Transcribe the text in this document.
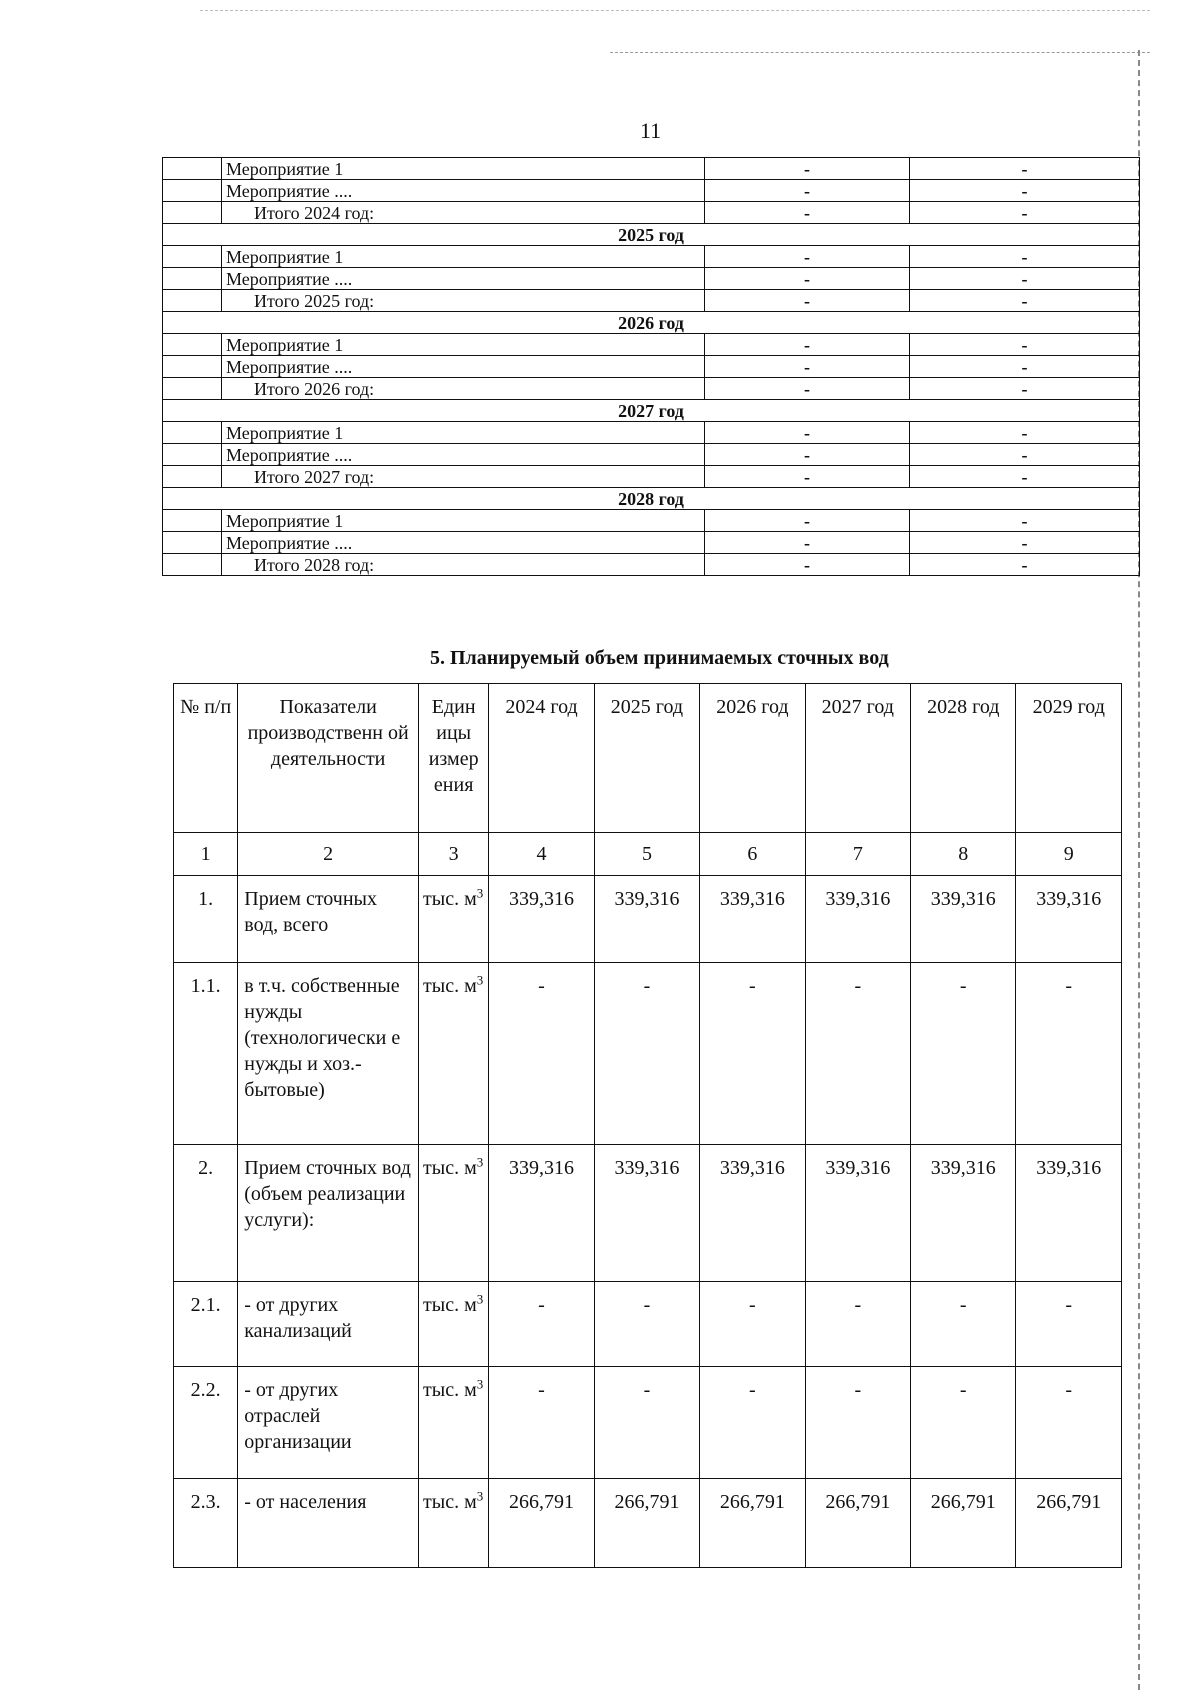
11
	Мероприятие 1	-	-
	Мероприятие ....	-	-
	Итого 2024 год:	-	-
2025 год			
	Мероприятие 1	-	-
	Мероприятие ....	-	-
	Итого 2025 год:	-	-
2026 год			
	Мероприятие 1	-	-
	Мероприятие ....	-	-
	Итого 2026 год:	-	-
2027 год			
	Мероприятие 1	-	-
	Мероприятие ....	-	-
	Итого 2027 год:	-	-
2028 год			
	Мероприятие 1	-	-
	Мероприятие ....	-	-
	Итого 2028 год:	-	-
5. Планируемый объем принимаемых сточных вод
№ п/п	Показатели производственн ой деятельности	Един ицы измер ения	2024 год	2025 год	2026 год	2027 год	2028 год	2029 год
1	2	3	4	5	6	7	8	9
1.	Прием сточных вод, всего	тыс. $м^3$	339,316	339,316	339,316	339,316	339,316	339,316
1.1.	в т.ч. собственные нужды (технологически е нужды и хоз.-бытовые)	тыс. $м^3$	-	-	-	-	-	-
2.	Прием сточных вод (объем реализации услуги):	тыс. $м^3$	339,316	339,316	339,316	339,316	339,316	339,316
2.1.	- от других канализаций	тыс. $м^3$	-	-	-	-	-	-
2.2.	- от других отраслей организации	тыс. $м^3$	-	-	-	-	-	-
2.3.	- от населения	тыс. $м^3$	266,791	266,791	266,791	266,791	266,791	266,791
